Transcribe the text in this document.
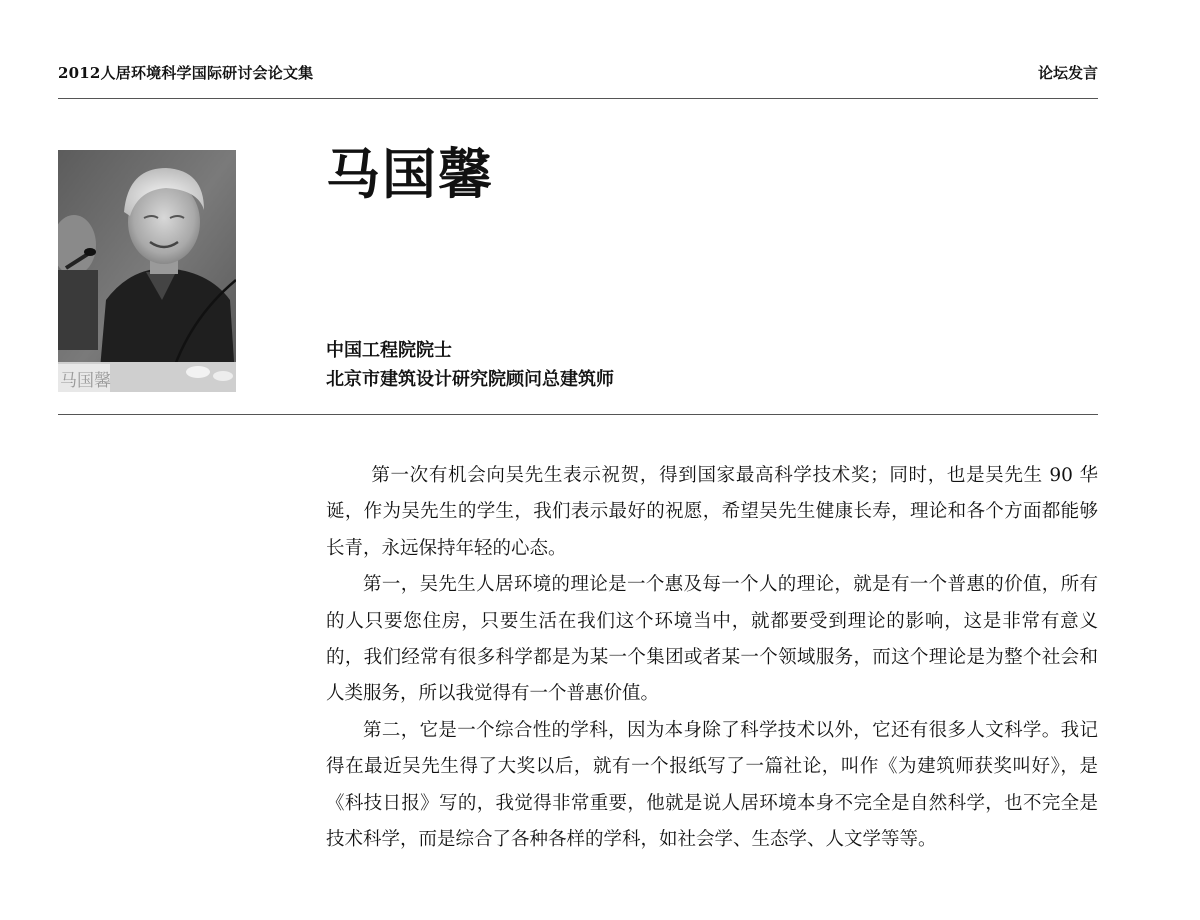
2012人居环境科学国际研讨会论文集	论坛发言
马国馨
马国馨
中国工程院院士
北京市建筑设计研究院顾问总建筑师

第一次有机会向吴先生表示祝贺，得到国家最高科学技术奖；同时，也是吴先生 90 华诞，作为吴先生的学生，我们表示最好的祝愿，希望吴先生健康长寿，理论和各个方面都能够长青，永远保持年轻的心态。

第一，吴先生人居环境的理论是一个惠及每一个人的理论，就是有一个普惠的价值，所有的人只要您住房，只要生活在我们这个环境当中，就都要受到理论的影响，这是非常有意义的，我们经常有很多科学都是为某一个集团或者某一个领域服务，而这个理论是为整个社会和人类服务，所以我觉得有一个普惠价值。

第二，它是一个综合性的学科，因为本身除了科学技术以外，它还有很多人文科学。我记得在最近吴先生得了大奖以后，就有一个报纸写了一篇社论，叫作《为建筑师获奖叫好》，是《科技日报》写的，我觉得非常重要，他就是说人居环境本身不完全是自然科学，也不完全是技术科学，而是综合了各种各样的学科，如社会学、生态学、人文学等等。
